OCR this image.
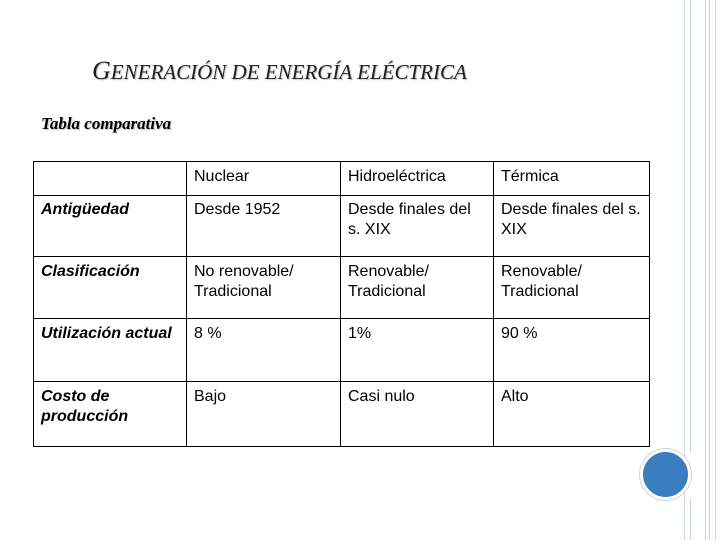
GENERACIÓN DE ENERGÍA ELÉCTRICA

Tabla comparativa

	Nuclear	Hidroeléctrica	Térmica
Antigüedad	Desde 1952	Desde finales del s. XIX	Desde finales del s. XIX
Clasificación	No renovable/ Tradicional	Renovable/ Tradicional	Renovable/ Tradicional
Utilización actual	8 %	1%	90 %
Costo de producción	Bajo	Casi nulo	Alto
